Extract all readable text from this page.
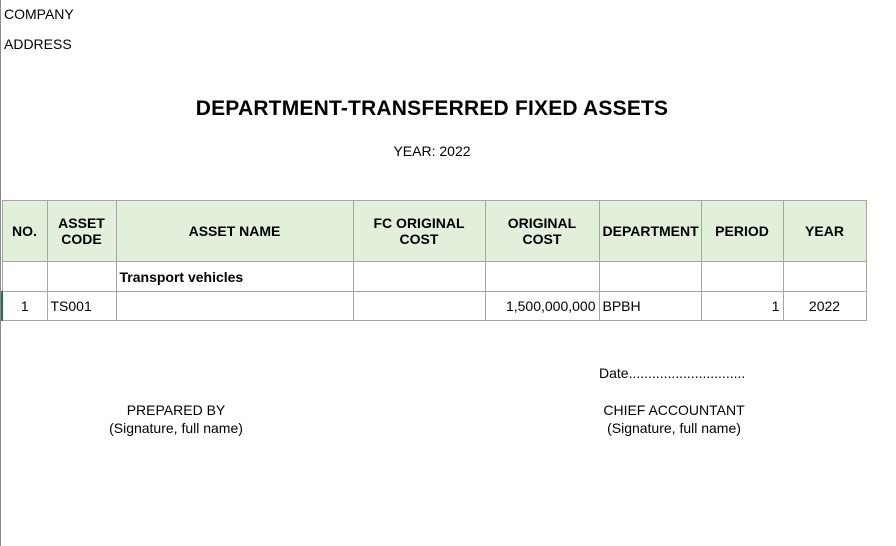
COMPANY
ADDRESS
DEPARTMENT-TRANSFERRED FIXED ASSETS
YEAR: 2022
NO.	ASSET CODE	ASSET NAME	FC ORIGINAL COST	ORIGINAL COST	DEPARTMENT	PERIOD	YEAR
		Transport vehicles					
1	TS001			1,500,000,000	BPBH	1	2022
Date..............................
PREPARED BY
(Signature, full name)
CHIEF ACCOUNTANT
(Signature, full name)
